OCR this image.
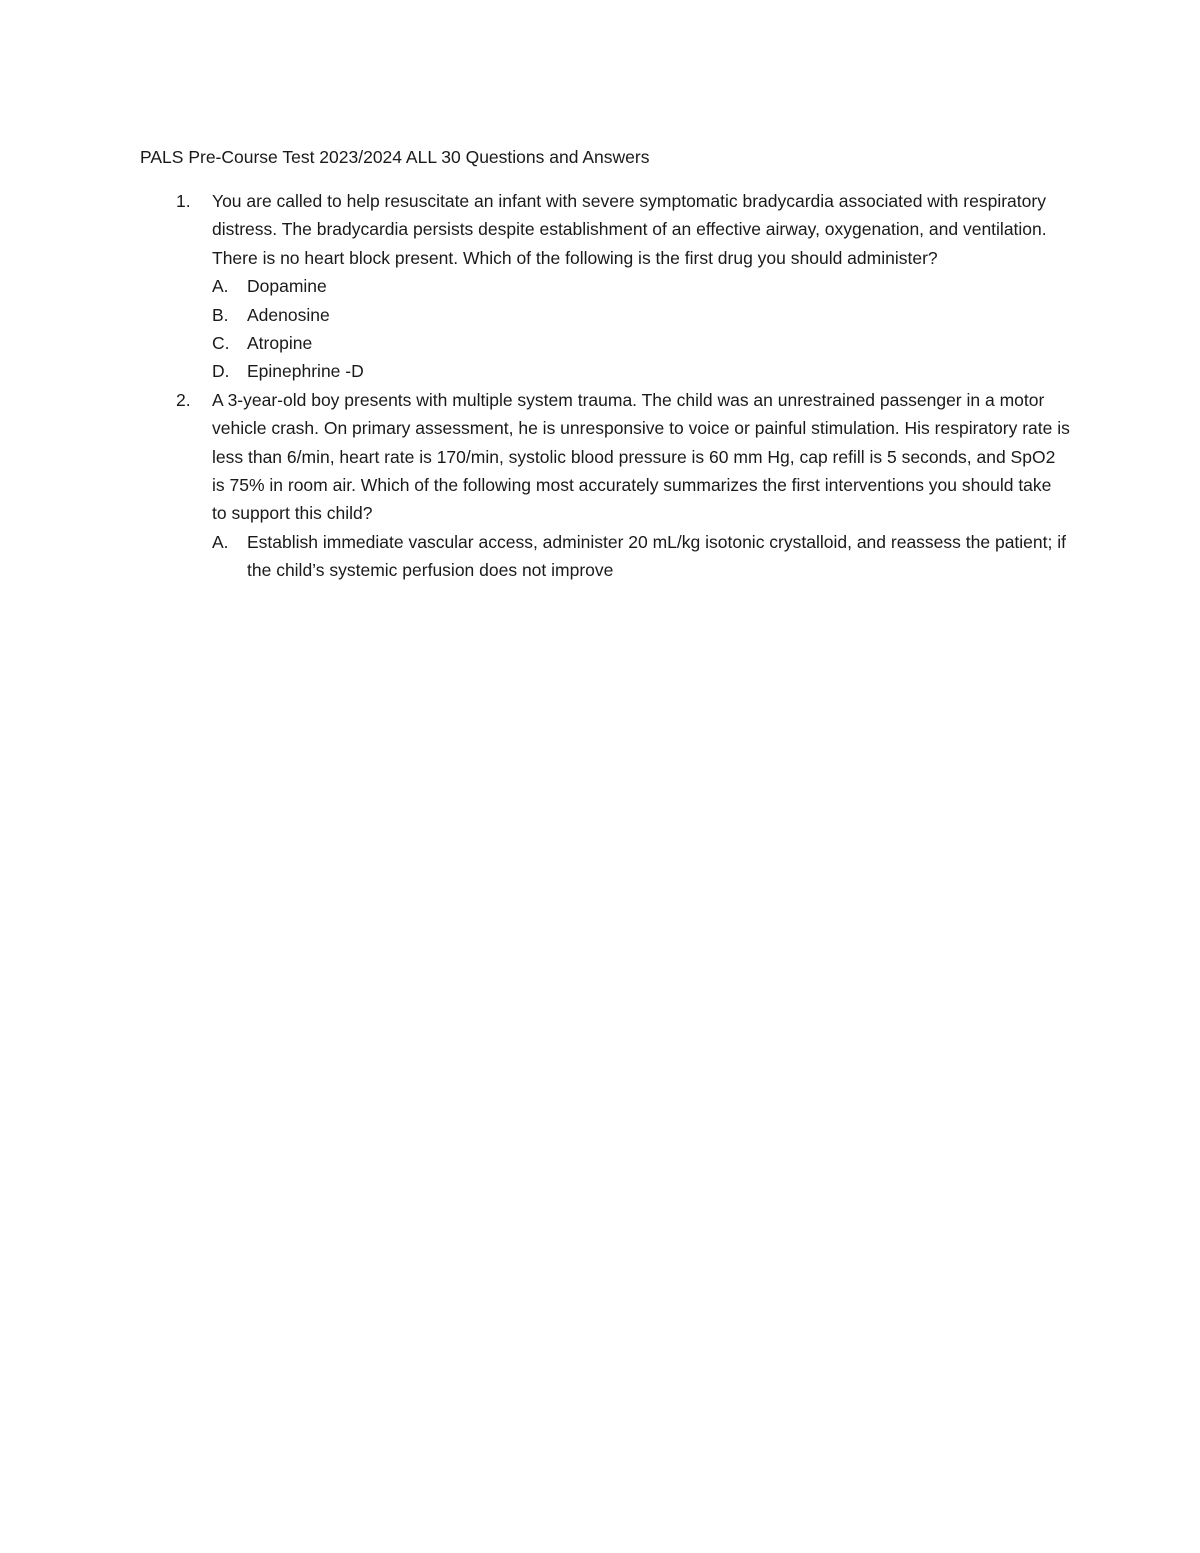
PALS Pre-Course Test 2023/2024 ALL 30 Questions and Answers
1. You are called to help resuscitate an infant with severe symptomatic bradycardia associated with respiratory distress. The bradycardia persists despite establishment of an effective airway, oxygenation, and ventilation. There is no heart block present. Which of the following is the first drug you should administer?

A. Dopamine
B. Adenosine
C. Atropine
D. Epinephrine -D
2. A 3-year-old boy presents with multiple system trauma. The child was an unrestrained passenger in a motor vehicle crash. On primary assessment, he is unresponsive to voice or painful stimulation. His respiratory rate is less than 6/min, heart rate is 170/min, systolic blood pressure is 60 mm Hg, cap refill is 5 seconds, and SpO2 is 75% in room air. Which of the following most accurately summarizes the first interventions you should take to support this child?

A. Establish immediate vascular access, administer 20 mL/kg isotonic crystalloid, and reassess the patient; if the child’s systemic perfusion does not improve
